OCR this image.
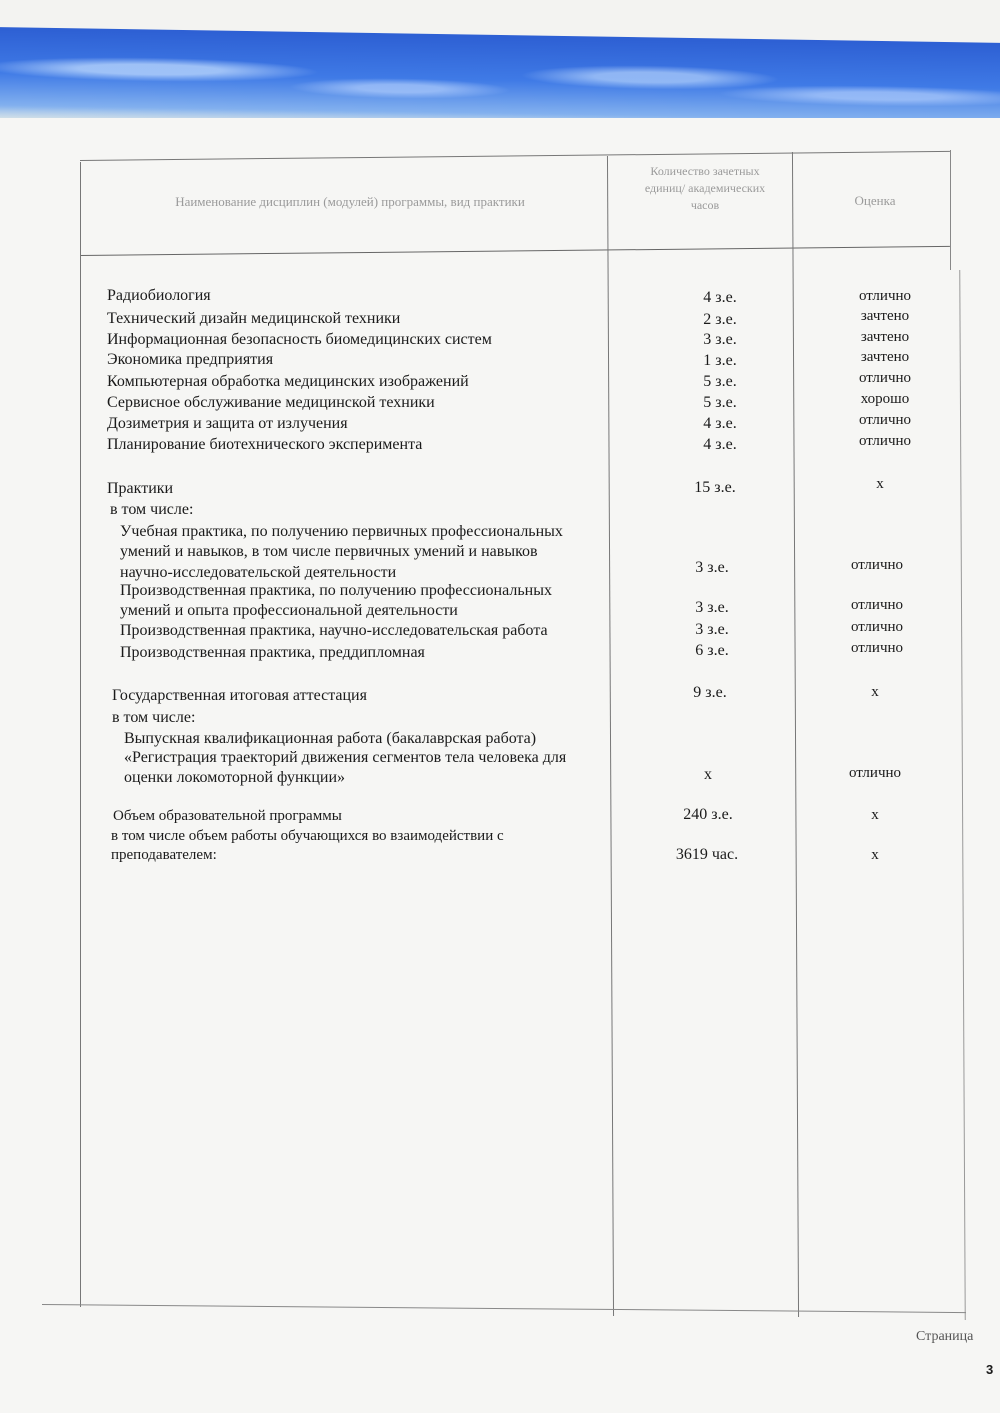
Наименование дисциплин (модулей) программы, вид практики
Количество зачетных единиц/ академических часов	Оценка
Радиобиология	4 з.е.	отлично
Технический дизайн медицинской техники	2 з.е.	зачтено
Информационная безопасность биомедицинских систем	3 з.е.	зачтено
Экономика предприятия	1 з.е.	зачтено
Компьютерная обработка медицинских изображений	5 з.е.	отлично
Сервисное обслуживание медицинской техники	5 з.е.	хорошо
Дозиметрия и защита от излучения	4 з.е.	отлично
Планирование биотехнического эксперимента	4 з.е.	отлично
Практики	15 з.е.	x
в том числе:
Учебная практика, по получению первичных профессиональных
умений и навыков, в том числе первичных умений и навыков
научно-исследовательской деятельности	3 з.е.	отлично
Производственная практика, по получению профессиональных
умений и опыта профессиональной деятельности	3 з.е.	отлично
Производственная практика, научно-исследовательская работа	3 з.е.	отлично
Производственная практика, преддипломная	6 з.е.	отлично
Государственная итоговая аттестация	9 з.е.	x
в том числе:
Выпускная квалификационная работа (бакалаврская работа)
«Регистрация траекторий движения сегментов тела человека для
оценки локомоторной функции»	x	отлично
Объем образовательной программы	240 з.е.	x
в том числе объем работы обучающихся во взаимодействии с
преподавателем:	3619 час.	x
Страница
3
